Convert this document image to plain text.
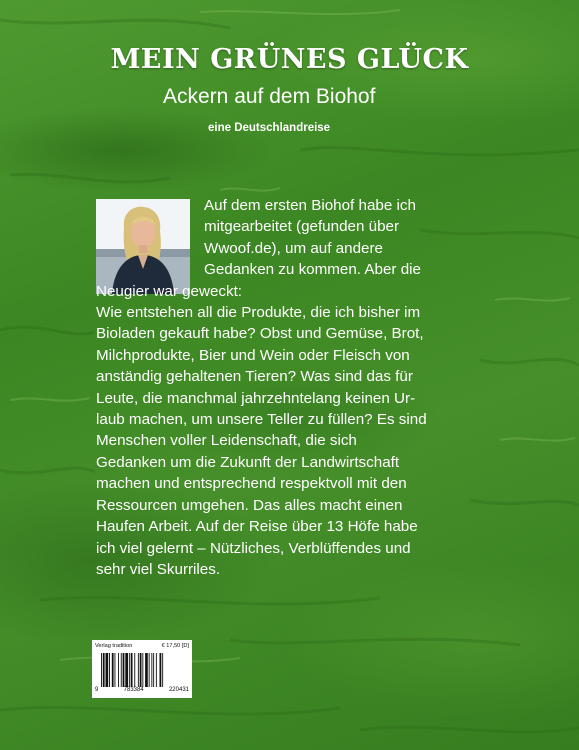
MEIN GRÜNES GLÜCK
Ackern auf dem Biohof
eine Deutschlandreise

Auf dem ersten Biohof habe ich
mitgearbeitet (gefunden über
Wwoof.de), um auf andere
Gedanken zu kommen. Aber die
Neugier war geweckt:
Wie entstehen all die Produkte, die ich bisher im
Bioladen gekauft habe? Obst und Gemüse, Brot,
Milchprodukte, Bier und Wein oder Fleisch von
anständig gehaltenen Tieren? Was sind das für
Leute, die manchmal jahrzehntelang keinen Ur-
laub machen, um unsere Teller zu füllen? Es sind
Menschen voller Leidenschaft, die sich
Gedanken um die Zukunft der Landwirtschaft
machen und entsprechend respektvoll mit den
Ressourcen umgehen. Das alles macht einen
Haufen Arbeit. Auf der Reise über 13 Höfe habe
ich viel gelernt – Nützliches, Verblüffendes und
sehr viel Skurriles.

Verlag tradition	€ 17,50 [D]
9	783384	220431
